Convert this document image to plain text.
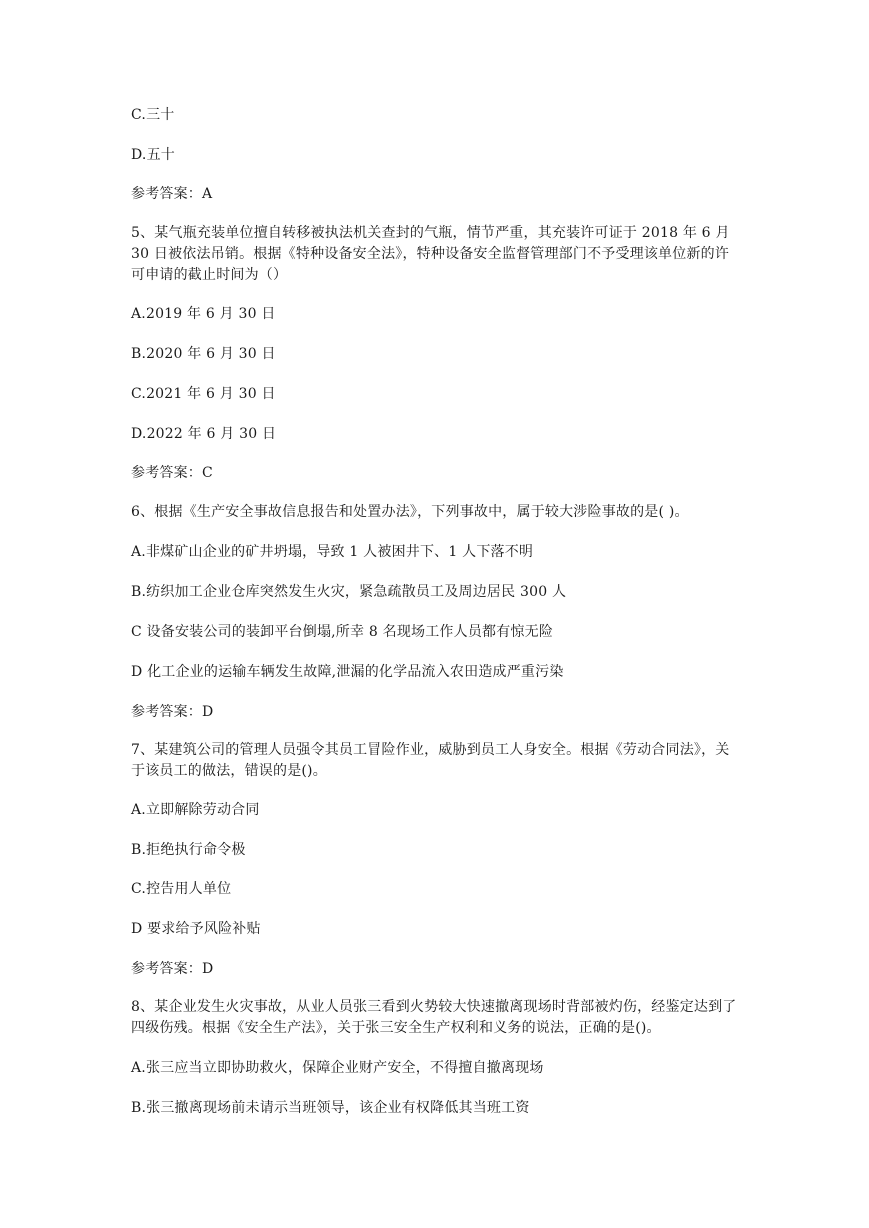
C.三十
D.五十
参考答案：A
5、某气瓶充装单位擅自转移被执法机关查封的气瓶，情节严重，其充装许可证于 2018 年 6 月 30 日被依法吊销。根据《特种设备安全法》，特种设备安全监督管理部门不予受理该单位新的许可申请的截止时间为（）
A.2019 年 6 月 30 日
B.2020 年 6 月 30 日
C.2021 年 6 月 30 日
D.2022 年 6 月 30 日
参考答案：C
6、根据《生产安全事故信息报告和处置办法》，下列事故中，属于较大涉险事故的是( )。
A.非煤矿山企业的矿井坍塌，导致 1 人被困井下、1 人下落不明
B.纺织加工企业仓库突然发生火灾，紧急疏散员工及周边居民 300 人
C 设备安装公司的装卸平台倒塌,所幸 8 名现场工作人员都有惊无险
D 化工企业的运输车辆发生故障,泄漏的化学品流入农田造成严重污染
参考答案：D
7、某建筑公司的管理人员强令其员工冒险作业，威胁到员工人身安全。根据《劳动合同法》，关于该员工的做法，错误的是()。
A.立即解除劳动合同
B.拒绝执行命令极
C.控告用人单位
D 要求给予风险补贴
参考答案：D
8、某企业发生火灾事故，从业人员张三看到火势较大快速撤离现场时背部被灼伤，经鉴定达到了四级伤残。根据《安全生产法》，关于张三安全生产权利和义务的说法，正确的是()。
A.张三应当立即协助救火，保障企业财产安全，不得擅自撤离现场
B.张三撤离现场前未请示当班领导，该企业有权降低其当班工资
